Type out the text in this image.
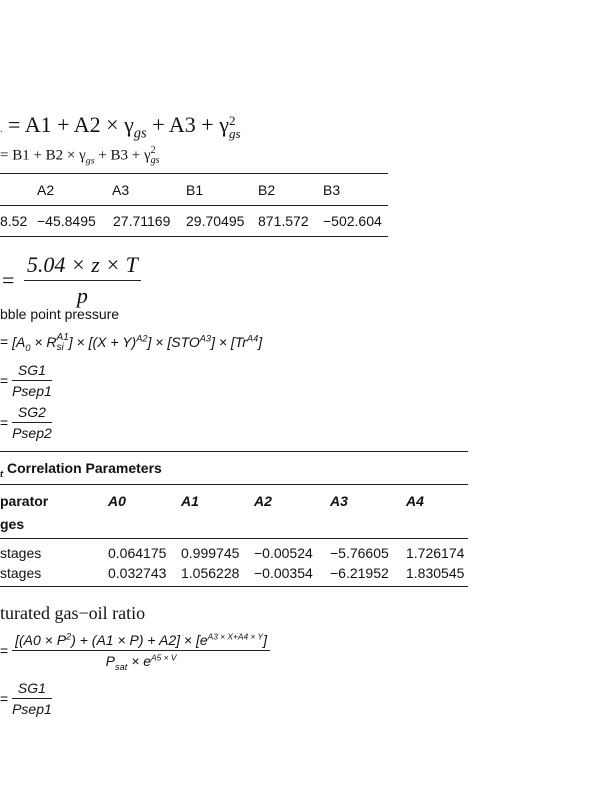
. = $A1 + A2 \times \gamma_{gs} + A3 + \gamma$ 2
gs
= $B1 + B2 \times \gamma_{gs} + B3 + \gamma$ 2
gs
A2	A3	B1	B2	B3
8.52 −45.8495 27.71169 29.70495 871.572 −502.604
= $\frac{5.04 \times z \times T}{p}$
bble point pressure
= [$A_0 \times R$ A1
si ] × $[(X + Y)^{A2}] \times [STO^{A3}] \times [Tr^{A4}]$
= $\frac{SG1}{\text{Psep1}}$
= $\frac{SG2}{\text{Psep2}}$
$_t$ Correlation Parameters
parator
ges
A0	A1	A2	A3	A4
stages	0.064175 0.999745 −0.00524 −5.76605 1.726174
stages	0.032743 1.056228 −0.00354 −6.21952 1.830545
turated gas−oil ratio
= $\frac{[(A0 \times P^2) + (A1 \times P) + A2] \times [e^{A3 \times X+A4 \times Y}]}{P_{sat} \times e^{A5 \times V}}$
= $\frac{SG1}{\text{Psep1}}$
